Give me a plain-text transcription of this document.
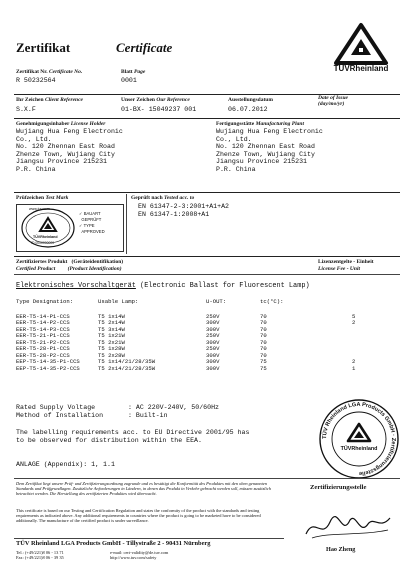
Zertifikat	Certificate
TÜVRheinland
Zertifikat Nr. Certificate No.
R 50232564
Blatt Page
0001
Ihr Zeichen Client Reference
S.X.F
Unser Zeichen Our Reference
01-BX- 15049237 001
Ausstellungsdatum
06.07.2012
Date of Issue
(day/mo/yr)
Genehmigungsinhaber License Holder
Wujiang Hua Feng Electronic
Co., Ltd.
No. 120 Zhennan East Road
Zhenze Town, Wujiang City
Jiangsu Province 215231
P.R. China
Fertigungsstätte Manufacturing Plant
Wujiang Hua Feng Electronic
Co., Ltd.
No. 120 Zhennan East Road
Zhenze Town, Wujiang City
Jiangsu Province 215231
P.R. China
Prüfzeichen Test Mark
www.tuv.com
TÜVRheinland
ID 0000000000
✓ BAUART
GEPRÜFT
✓ TYPE
APPROVED
Geprüft nach Tested acc. to
EN 61347-2-3:2001+A1+A2
EN 61347-1:2008+A1
Zertifiziertes Produkt (Geräteidentifikation)
Certified Product (Product Identification)
Lizenzentgelte - Einheit
License Fee - Unit
Elektronisches Vorschaltgerät (Electronic Ballast for Fluorescent Lamp)
Type Designation:	Usable Lamp:	U-OUT:	tc(°C):	

EER-T5-14-P1-CCS	T5 1x14W	250V	70	5
EER-T5-14-P2-CCS	T5 2x14W	300V	70	2
EER-T5-14-P3-CCS	T5 3x14W	300V	70	
EER-T5-21-P1-CCS	T5 1x21W	250V	70	
EER-T5-21-P2-CCS	T5 2x21W	300V	70	
EER-T5-28-P1-CCS	T5 1x28W	250V	70	
EER-T5-28-P2-CCS	T5 2x28W	300V	70	
EEP-T5-14-35-P1-CCS	T5 1x14/21/28/35W	300V	75	2
EEP-T5-14-35-P2-CCS	T5 2x14/21/28/35W	300V	75	1
Rated Supply Voltage	: AC 220V-240V, 50/60Hz
Method of Installation	: Built-in
The labelling requirements acc. to EU Directive 2001/95 has
to be observed for distribution within the EEA.	TÜV Rheinland LGA Products GmbH · Zertifizierungsstelle
TÜVRheinland
ANLAGE (Appendix): 1, 1.1
Dem Zertifikat liegt unsere Prüf- und Zertifizierungsordnung zugrunde und es bestätigt die Konformität des Produktes mit den oben genannten Standards und Prüfgrundlagen. Zusätzliche Anforderungen in Ländern, in denen das Produkt in Verkehr gebracht werden soll, müssen zusätzlich betrachtet werden. Die Herstellung des zertifizierten Produktes wird überwacht.
This certificate is based on our Testing and Certification Regulation and states the conformity of the product with the standards and testing requirements as indicated above. Any additional requirements in countries where the product is going to be marketed have to be considered additionally. The manufacture of the certified product is under surveillance.
Zertifizierungsstelle
Hao Zheng
TÜV Rheinland LGA Products GmbH - Tillystraße 2 - 90431 Nürnberg
Tel.: (+49/221)8 06 - 13 71
Fax: (+49/221)8 06 - 39 35
e-mail: cert-validity@de.tuv.com
http://www.tuv.com/safety
